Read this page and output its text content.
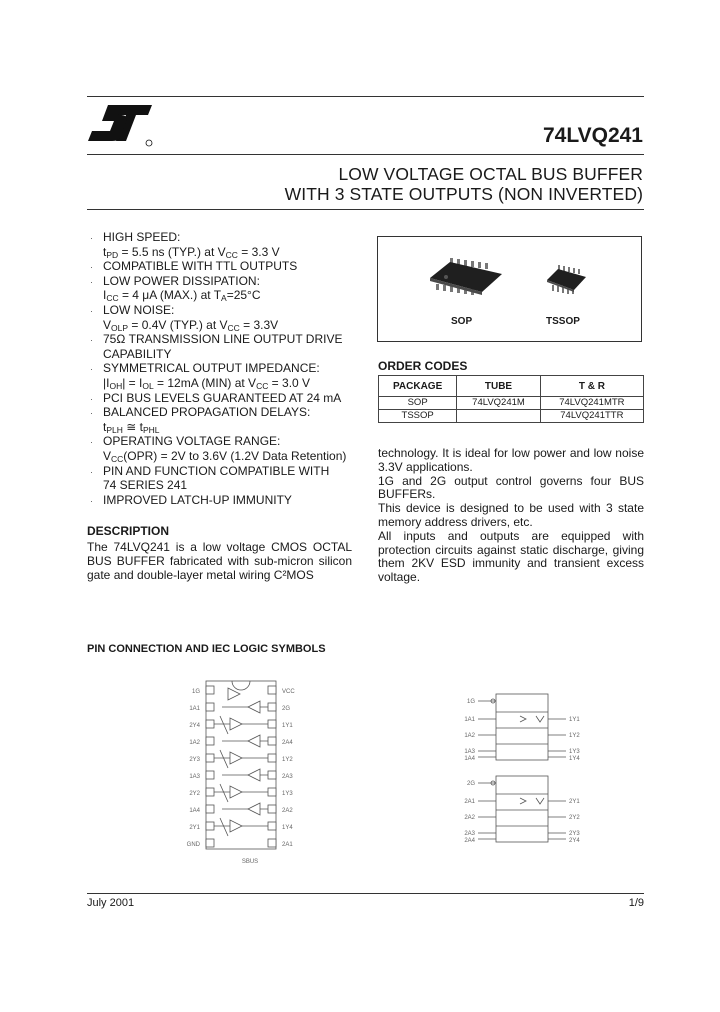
74LVQ241
LOW VOLTAGE OCTAL BUS BUFFER
WITH 3 STATE OUTPUTS (NON INVERTED)
· HIGH SPEED:
$t_{PD} = 5.5$ ns (TYP.) at $V_{CC} = 3.3$ V
· COMPATIBLE WITH TTL OUTPUTS
· LOW POWER DISSIPATION:
$I_{CC} = 4$ μA (MAX.) at $T_A=25^\circ C$
· LOW NOISE:
$V_{OLP} = 0.4V$ (TYP.) at $V_{CC} = 3.3V$
· 75Ω TRANSMISSION LINE OUTPUT DRIVE
CAPABILITY
· SYMMETRICAL OUTPUT IMPEDANCE:
$|I_{OH}| = I_{OL} = 12mA$ (MIN) at $V_{CC} = 3.0$ V
· PCI BUS LEVELS GUARANTEED AT 24 mA
· BALANCED PROPAGATION DELAYS:
$t_{PLH}$ ≅ $t_{PHL}$
· OPERATING VOLTAGE RANGE:
$V_{CC}(OPR) = 2V$ to 3.6V (1.2V Data Retention)
· PIN AND FUNCTION COMPATIBLE WITH
74 SERIES 241
· IMPROVED LATCH-UP IMMUNITY
SOP	TSSOP
ORDER CODES
PACKAGE	TUBE	T & R
SOP	74LVQ241M	74LVQ241MTR
TSSOP		74LVQ241TTR
DESCRIPTION
The 74LVQ241 is a low voltage CMOS OCTAL BUS BUFFER fabricated with sub-micron silicon gate and double-layer metal wiring C²MOS
technology. It is ideal for low power and low noise 3.3V applications.
1G and 2G output control governs four BUS BUFFERs.
This device is designed to be used with 3 state memory address drivers, etc.
All inputs and outputs are equipped with protection circuits against static discharge, giving them 2KV ESD immunity and transient excess voltage.
PIN CONNECTION AND IEC LOGIC SYMBOLS
1G
1A1
2Y4
1A2
2Y3
1A3
2Y2
1A4
2Y1
GND
VCC
2G
1Y1
2A4
1Y2
2A3
1Y3
2A2
1Y4
2A1
SBUS
1G
1A1
1A2
1A3
1A4
2G
2A1
2A2
2A3
2A4
1Y1
1Y2
1Y3
1Y4
2Y1
2Y2
2Y3
2Y4
July 2001	1/9
